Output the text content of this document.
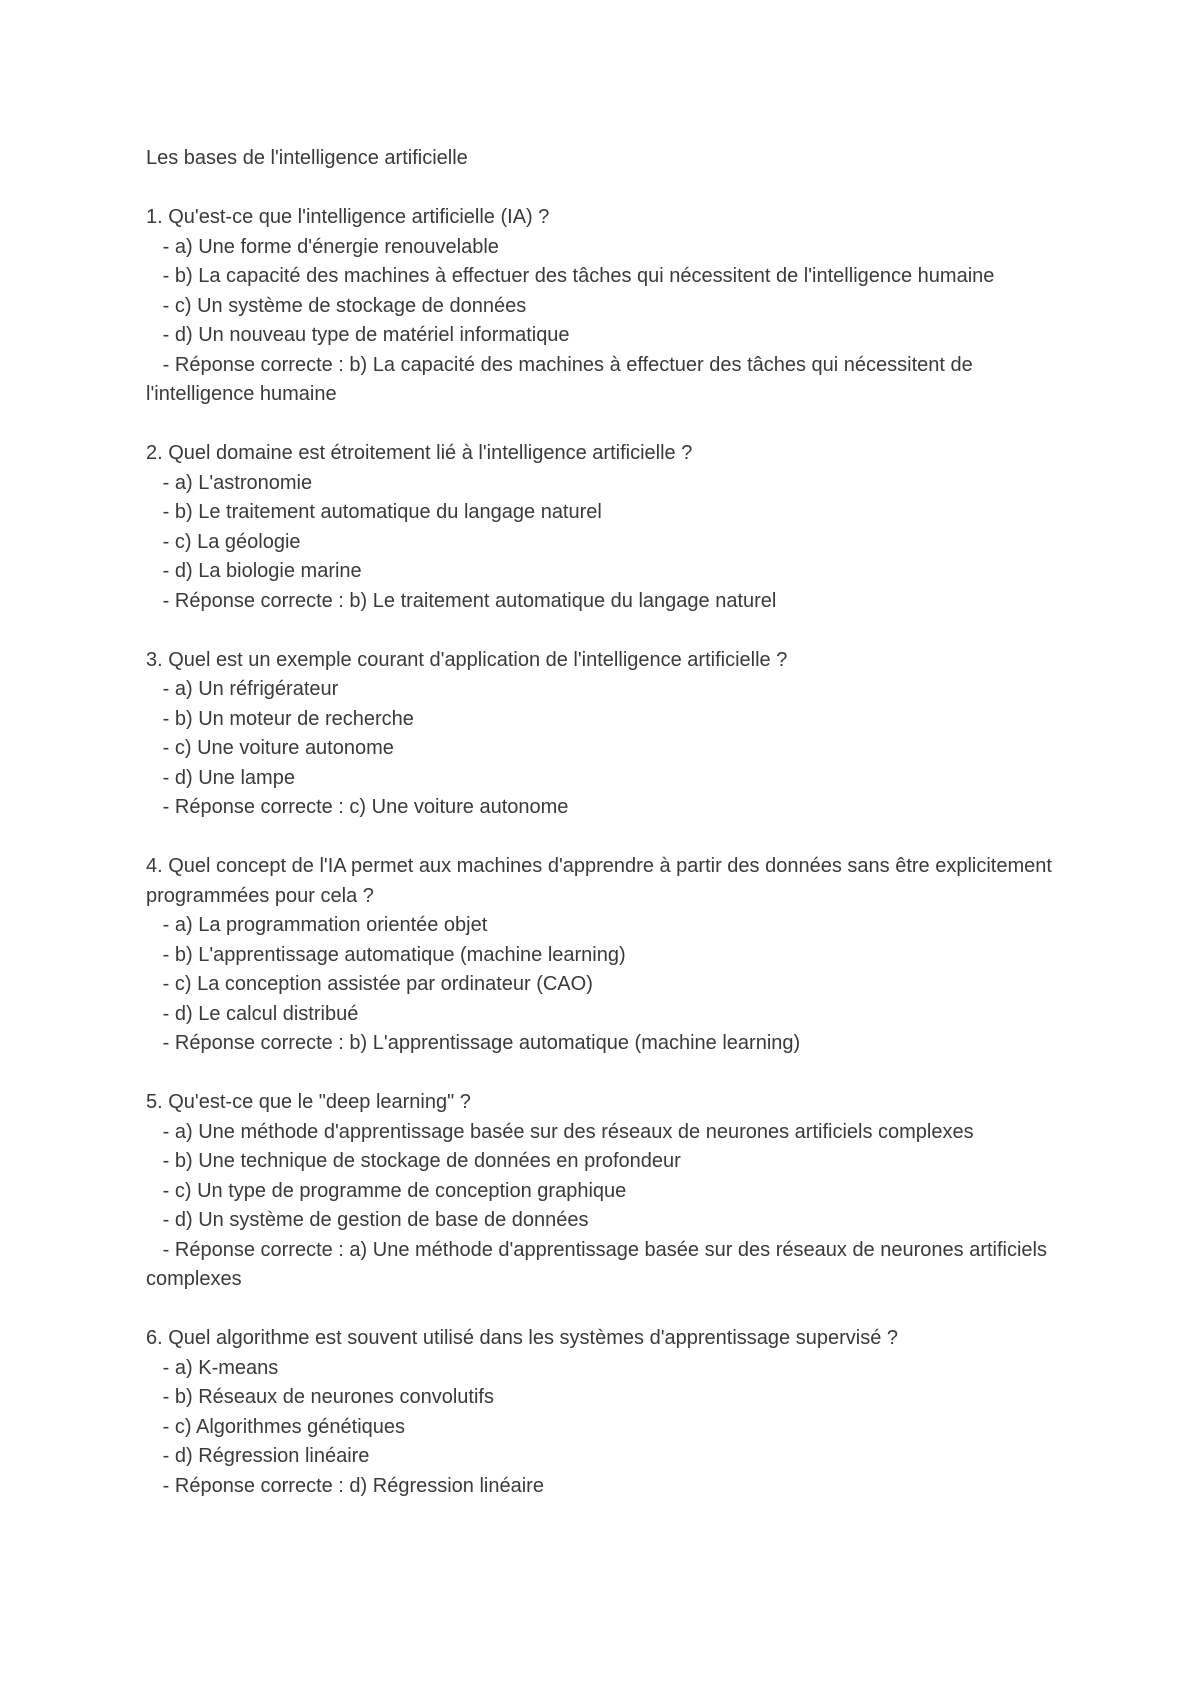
Les bases de l'intelligence artificielle

1. Qu'est-ce que l'intelligence artificielle (IA) ?

- a) Une forme d'énergie renouvelable

- b) La capacité des machines à effectuer des tâches qui nécessitent de l'intelligence humaine

- c) Un système de stockage de données

- d) Un nouveau type de matériel informatique

- Réponse correcte : b) La capacité des machines à effectuer des tâches qui nécessitent de l'intelligence humaine

2. Quel domaine est étroitement lié à l'intelligence artificielle ?

- a) L'astronomie

- b) Le traitement automatique du langage naturel

- c) La géologie

- d) La biologie marine

- Réponse correcte : b) Le traitement automatique du langage naturel

3. Quel est un exemple courant d'application de l'intelligence artificielle ?

- a) Un réfrigérateur

- b) Un moteur de recherche

- c) Une voiture autonome

- d) Une lampe

- Réponse correcte : c) Une voiture autonome

4. Quel concept de l'IA permet aux machines d'apprendre à partir des données sans être explicitement programmées pour cela ?

- a) La programmation orientée objet

- b) L'apprentissage automatique (machine learning)

- c) La conception assistée par ordinateur (CAO)

- d) Le calcul distribué

- Réponse correcte : b) L'apprentissage automatique (machine learning)

5. Qu'est-ce que le "deep learning" ?

- a) Une méthode d'apprentissage basée sur des réseaux de neurones artificiels complexes

- b) Une technique de stockage de données en profondeur

- c) Un type de programme de conception graphique

- d) Un système de gestion de base de données

- Réponse correcte : a) Une méthode d'apprentissage basée sur des réseaux de neurones artificiels complexes

6. Quel algorithme est souvent utilisé dans les systèmes d'apprentissage supervisé ?

- a) K-means

- b) Réseaux de neurones convolutifs

- c) Algorithmes génétiques

- d) Régression linéaire

- Réponse correcte : d) Régression linéaire
